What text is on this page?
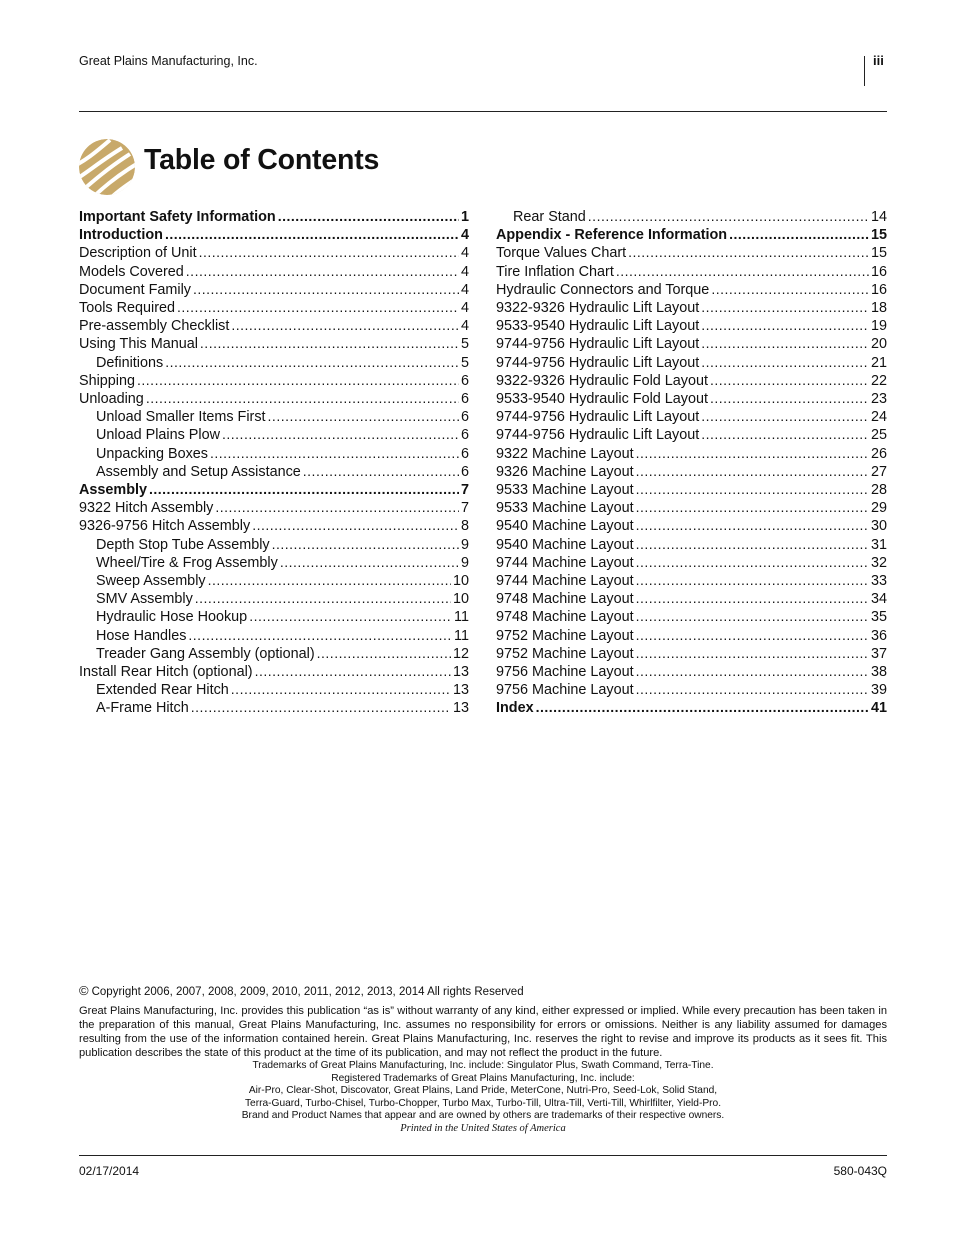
Great Plains Manufacturing, Inc.	iii
Table of Contents
Important Safety Information .....	1
Introduction .....	4
Description of Unit .....	4
Models Covered .....	4
Document Family .....	4
Tools Required .....	4
Pre-assembly Checklist .....	4
Using This Manual .....	5
Definitions .....	5
Shipping .....	6
Unloading .....	6
Unload Smaller Items First .....	6
Unload Plains Plow .....	6
Unpacking Boxes .....	6
Assembly and Setup Assistance .....	6
Assembly .....	7
9322 Hitch Assembly .....	7
9326-9756 Hitch Assembly .....	8
Depth Stop Tube Assembly .....	9
Wheel/Tire & Frog Assembly .....	9
Sweep Assembly .....	10
SMV Assembly .....	10
Hydraulic Hose Hookup .....	11
Hose Handles .....	11
Treader Gang Assembly (optional) .....	12
Install Rear Hitch (optional) .....	13
Extended Rear Hitch .....	13
A-Frame Hitch .....	13
Rear Stand .....	14
Appendix - Reference Information .....	15
Torque Values Chart .....	15
Tire Inflation Chart .....	16
Hydraulic Connectors and Torque .....	16
9322-9326 Hydraulic Lift Layout .....	18
9533-9540 Hydraulic Lift Layout .....	19
9744-9756 Hydraulic Lift Layout .....	20
9744-9756 Hydraulic Lift Layout .....	21
9322-9326 Hydraulic Fold Layout .....	22
9533-9540 Hydraulic Fold Layout .....	23
9744-9756 Hydraulic Lift Layout .....	24
9744-9756 Hydraulic Lift Layout .....	25
9322 Machine Layout .....	26
9326 Machine Layout .....	27
9533 Machine Layout .....	28
9533 Machine Layout .....	29
9540 Machine Layout .....	30
9540 Machine Layout .....	31
9744 Machine Layout .....	32
9744 Machine Layout .....	33
9748 Machine Layout .....	34
9748 Machine Layout .....	35
9752 Machine Layout .....	36
9752 Machine Layout .....	37
9756 Machine Layout .....	38
9756 Machine Layout .....	39
Index .....	41
© Copyright 2006, 2007, 2008, 2009, 2010, 2011, 2012, 2013, 2014 All rights Reserved
Great Plains Manufacturing, Inc. provides this publication “as is” without warranty of any kind, either expressed or implied. While every precaution has been taken in the preparation of this manual, Great Plains Manufacturing, Inc. assumes no responsibility for errors or omissions. Neither is any liability assumed for damages resulting from the use of the information contained herein. Great Plains Manufacturing, Inc. reserves the right to revise and improve its products as it sees fit. This publication describes the state of this product at the time of its publication, and may not reflect the product in the future.
Trademarks of Great Plains Manufacturing, Inc. include: Singulator Plus, Swath Command, Terra-Tine.
Registered Trademarks of Great Plains Manufacturing, Inc. include:
Air-Pro, Clear-Shot, Discovator, Great Plains, Land Pride, MeterCone, Nutri-Pro, Seed-Lok, Solid Stand,
Terra-Guard, Turbo-Chisel, Turbo-Chopper, Turbo Max, Turbo-Till, Ultra-Till, Verti-Till, Whirlfilter, Yield-Pro.
Brand and Product Names that appear and are owned by others are trademarks of their respective owners.
Printed in the United States of America
02/17/2014	580-043Q
